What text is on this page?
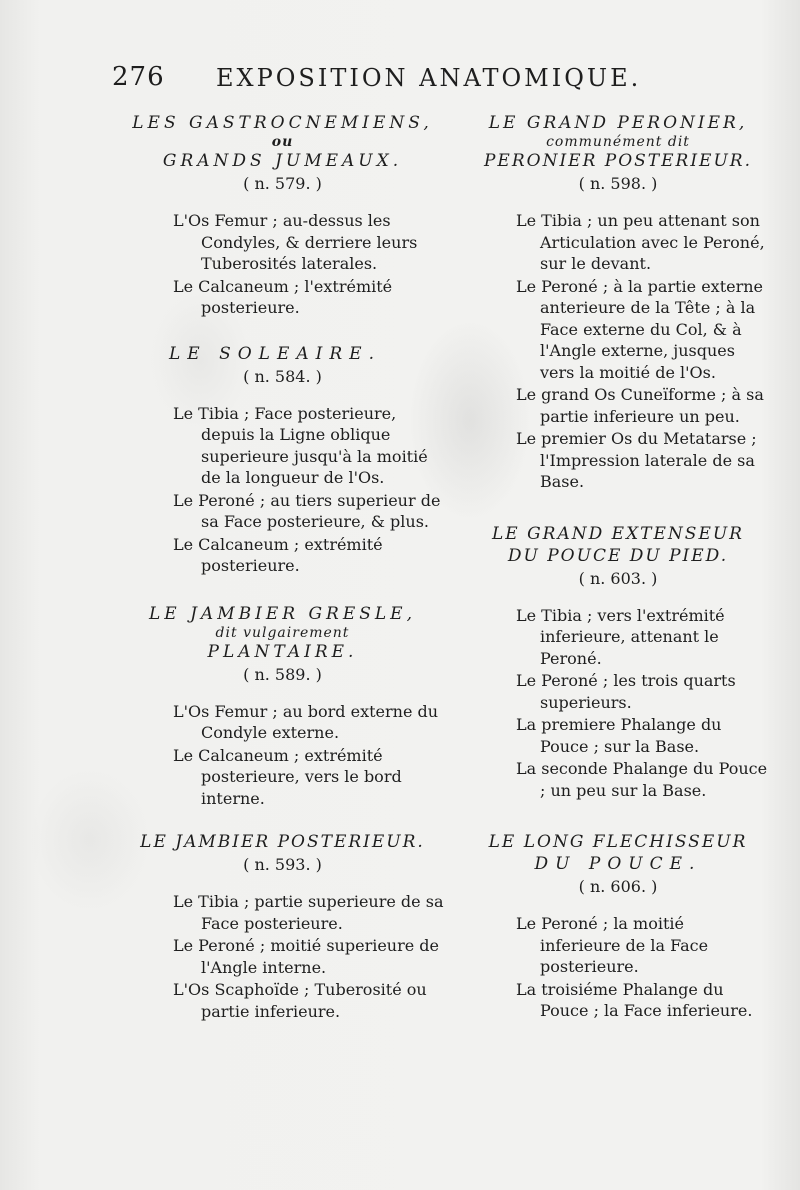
276 EXPOSITION ANATOMIQUE.
LES GASTROCNEMIENS,
ou
GRANDS JUMEAUX.
( n. 579. )
L'Os Femur ; au-dessus les Condyles, & derriere leurs Tuberosités laterales.
Le Calcaneum ; l'extrémité posterieure.
LE SOLEAIRE.
( n. 584. )
Le Tibia ; Face posterieure, depuis la Ligne oblique superieure jusqu'à la moitié de la longueur de l'Os.
Le Peroné ; au tiers superieur de sa Face posterieure, & plus.
Le Calcaneum ; extrémité posterieure.
LE JAMBIER GRESLE,
dit vulgairement
PLANTAIRE.
( n. 589. )
L'Os Femur ; au bord externe du Condyle externe.
Le Calcaneum ; extrémité posterieure, vers le bord interne.
LE JAMBIER POSTERIEUR.
( n. 593. )
Le Tibia ; partie superieure de sa Face posterieure.
Le Peroné ; moitié superieure de l'Angle interne.
L'Os Scaphoïde ; Tuberosité ou partie inferieure.
LE GRAND PERONIER,
communément dit
PERONIER POSTERIEUR.
( n. 598. )
Le Tibia ; un peu attenant son Articulation avec le Peroné, sur le devant.
Le Peroné ; à la partie externe anterieure de la Tête ; à la Face externe du Col, & à l'Angle externe, jusques vers la moitié de l'Os.
Le grand Os Cuneïforme ; à sa partie inferieure un peu.
Le premier Os du Metatarse ; l'Impression laterale de sa Base.
LE GRAND EXTENSEUR
DU POUCE DU PIED.
( n. 603. )
Le Tibia ; vers l'extrémité inferieure, attenant le Peroné.
Le Peroné ; les trois quarts superieurs.
La premiere Phalange du Pouce ; sur la Base.
La seconde Phalange du Pouce ; un peu sur la Base.
LE LONG FLECHISSEUR
DU POUCE.
( n. 606. )
Le Peroné ; la moitié inferieure de la Face posterieure.
La troisiéme Phalange du Pouce ; la Face inferieure.
